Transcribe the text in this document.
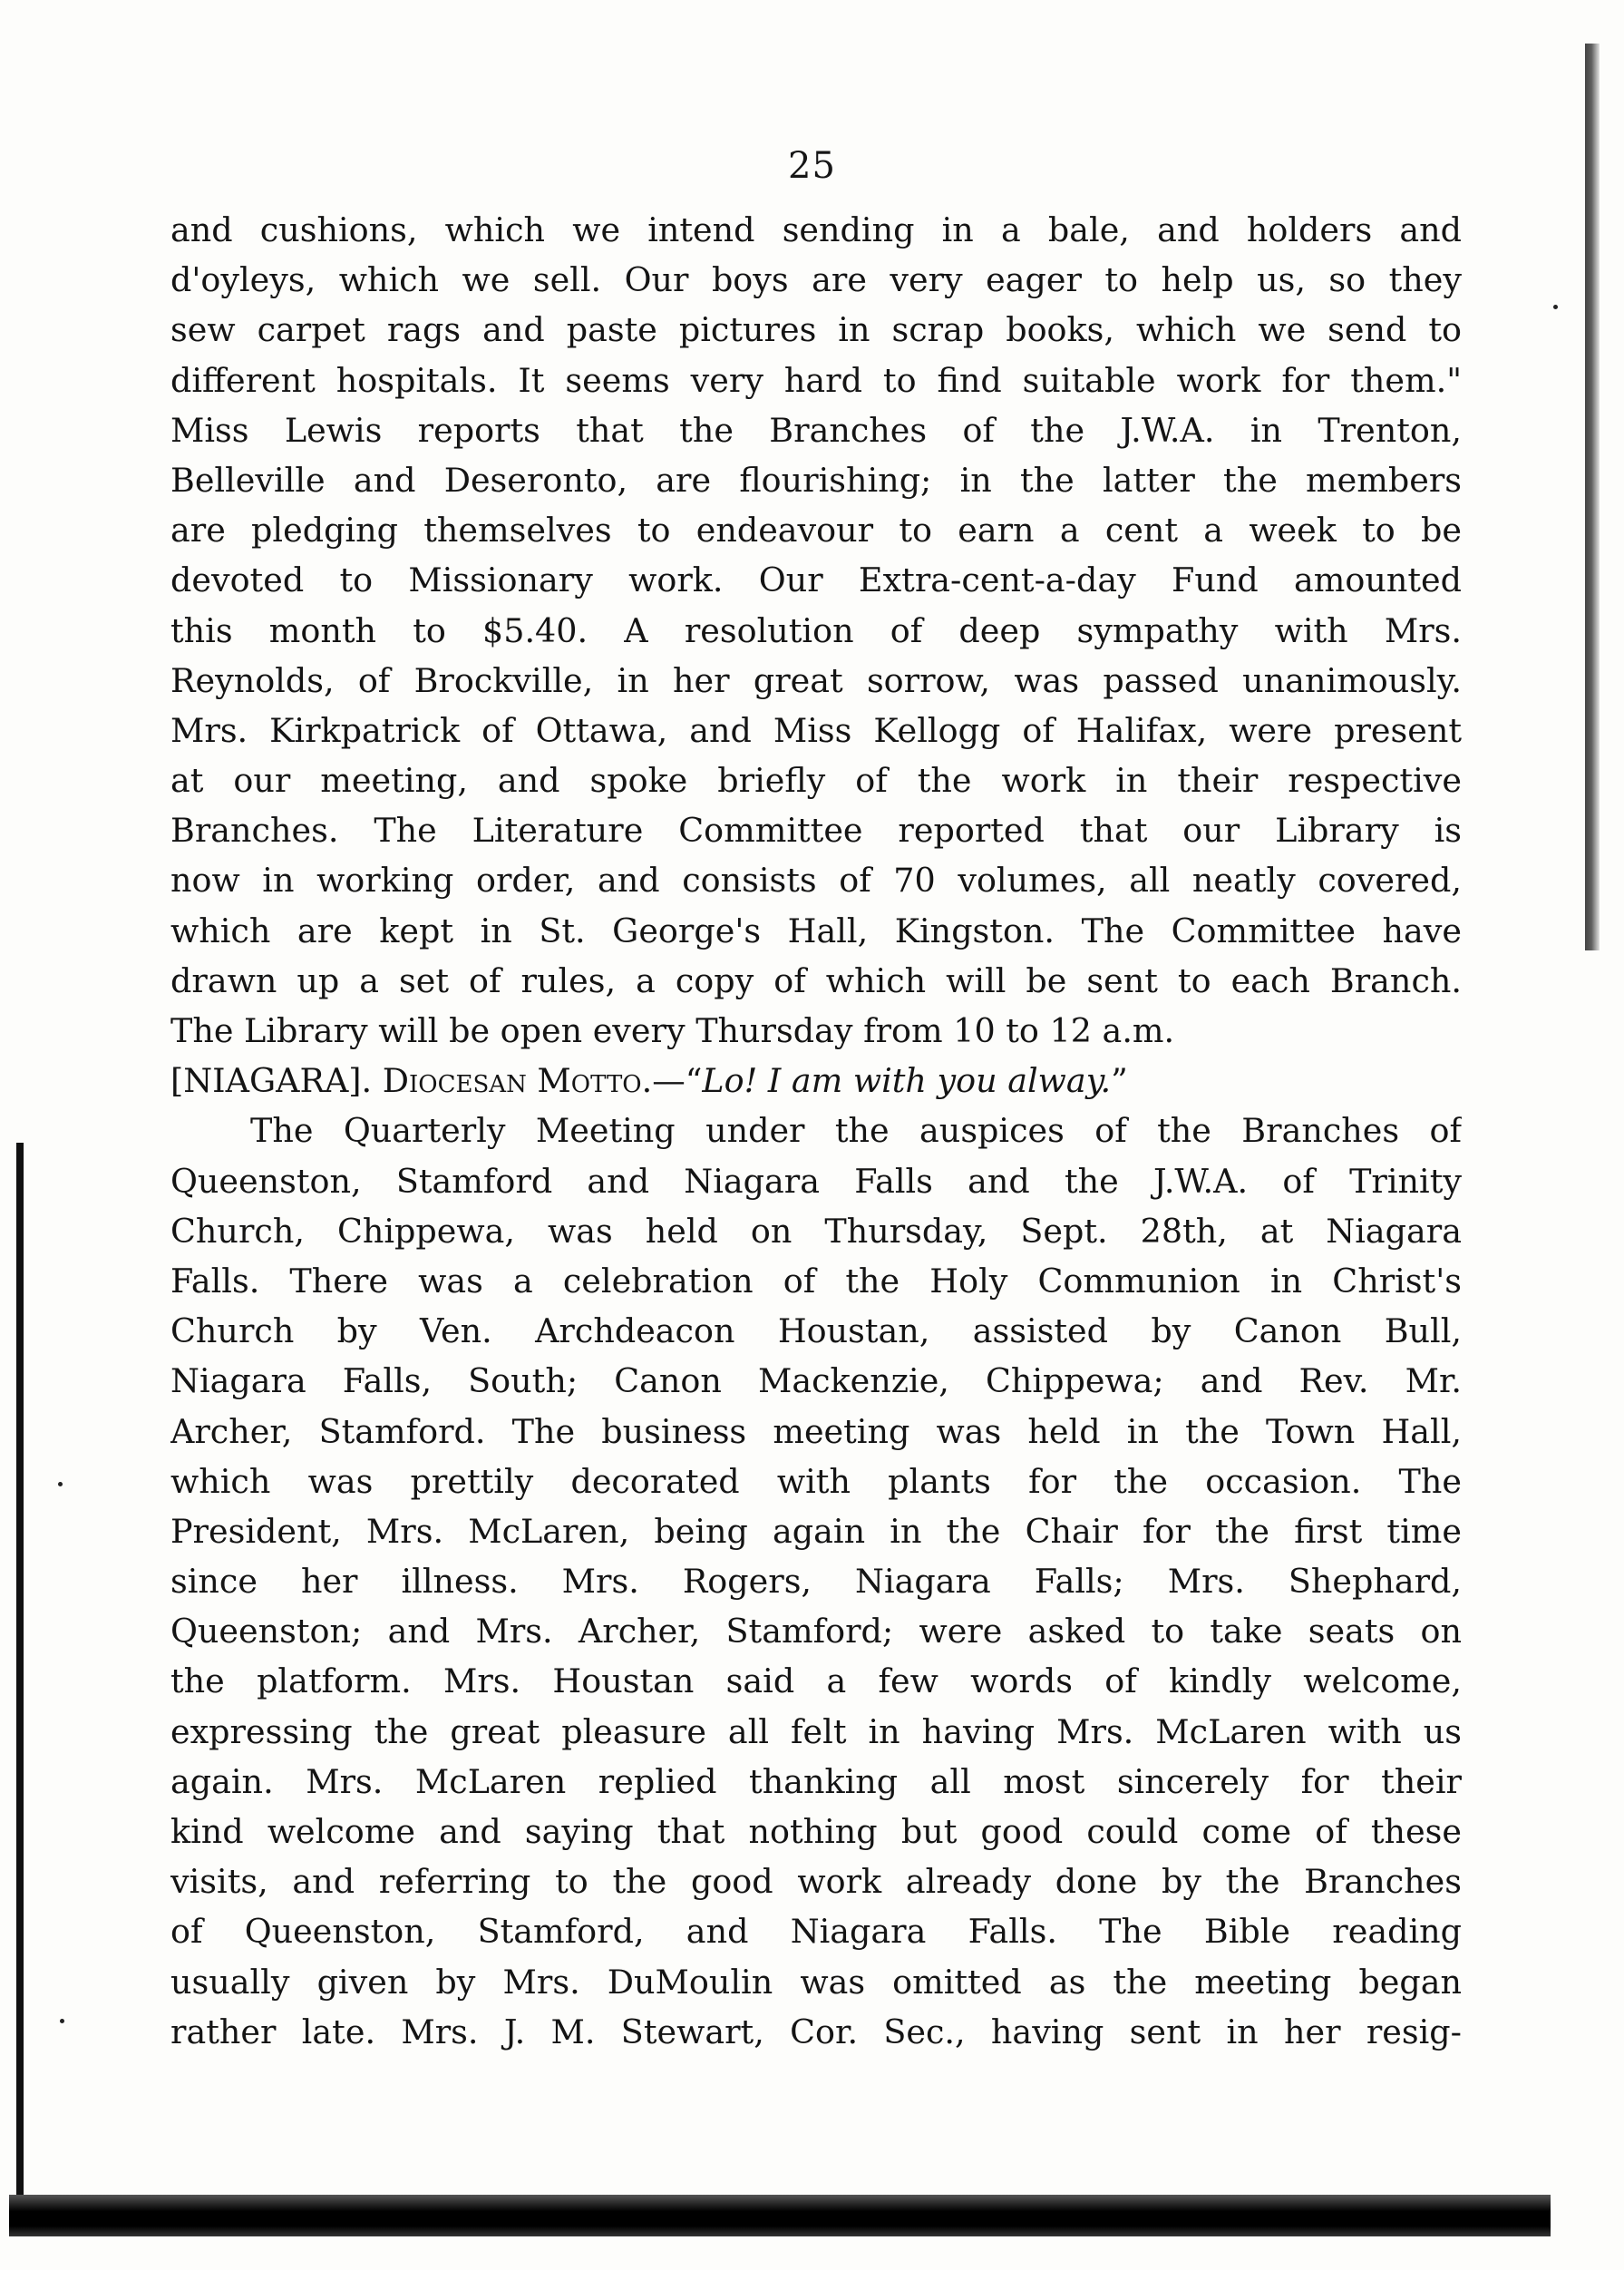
25
and cushions, which we intend sending in a bale, and holders and
d'oyleys, which we sell. Our boys are very eager to help us, so they
sew carpet rags and paste pictures in scrap books, which we send to
different hospitals. It seems very hard to find suitable work for them."
Miss Lewis reports that the Branches of the J.W.A. in Trenton,
Belleville and Deseronto, are flourishing; in the latter the members
are pledging themselves to endeavour to earn a cent a week to be
devoted to Missionary work. Our Extra-cent-a-day Fund amounted
this month to $5.40. A resolution of deep sympathy with Mrs.
Reynolds, of Brockville, in her great sorrow, was passed unanimously.
Mrs. Kirkpatrick of Ottawa, and Miss Kellogg of Halifax, were present
at our meeting, and spoke briefly of the work in their respective
Branches. The Literature Committee reported that our Library is
now in working order, and consists of 70 volumes, all neatly covered,
which are kept in St. George's Hall, Kingston. The Committee have
drawn up a set of rules, a copy of which will be sent to each Branch.
The Library will be open every Thursday from 10 to 12 a.m.
[NIAGARA]. Diocesan Motto.—“Lo! I am with you alway.”
The Quarterly Meeting under the auspices of the Branches of
Queenston, Stamford and Niagara Falls and the J.W.A. of Trinity
Church, Chippewa, was held on Thursday, Sept. 28th, at Niagara
Falls. There was a celebration of the Holy Communion in Christ's
Church by Ven. Archdeacon Houstan, assisted by Canon Bull,
Niagara Falls, South; Canon Mackenzie, Chippewa; and Rev. Mr.
Archer, Stamford. The business meeting was held in the Town Hall,
which was prettily decorated with plants for the occasion. The
President, Mrs. McLaren, being again in the Chair for the first time
since her illness. Mrs. Rogers, Niagara Falls; Mrs. Shephard,
Queenston; and Mrs. Archer, Stamford; were asked to take seats on
the platform. Mrs. Houstan said a few words of kindly welcome,
expressing the great pleasure all felt in having Mrs. McLaren with us
again. Mrs. McLaren replied thanking all most sincerely for their
kind welcome and saying that nothing but good could come of these
visits, and referring to the good work already done by the Branches
of Queenston, Stamford, and Niagara Falls. The Bible reading
usually given by Mrs. DuMoulin was omitted as the meeting began
rather late. Mrs. J. M. Stewart, Cor. Sec., having sent in her resig-
